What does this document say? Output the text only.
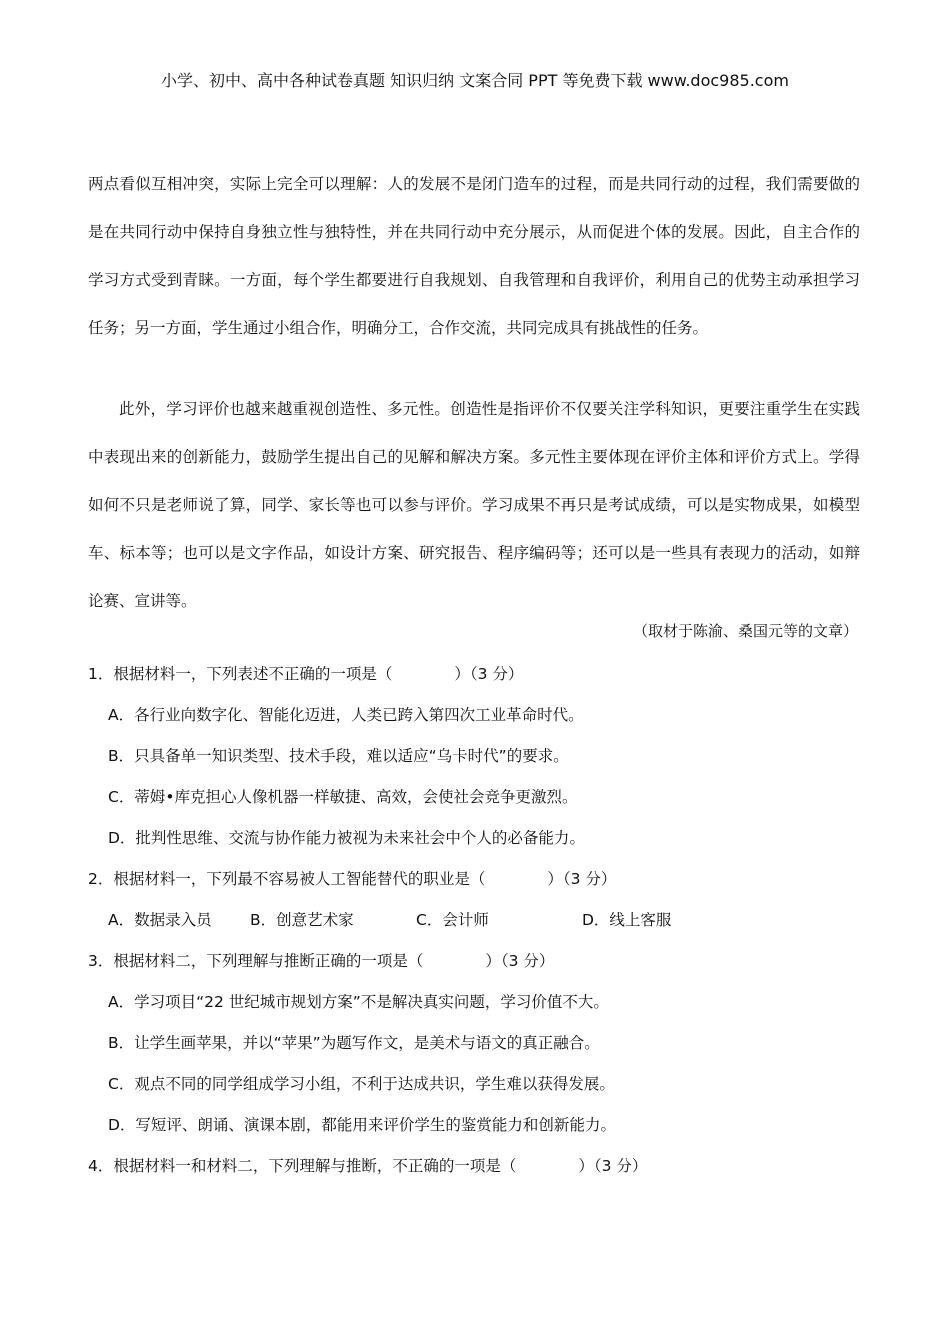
小学、初中、高中各种试卷真题 知识归纳 文案合同 PPT 等免费下载 www.doc985.com

两点看似互相冲突，实际上完全可以理解：人的发展不是闭门造车的过程，而是共同行动的过程，我们需要做的是在共同行动中保持自身独立性与独特性，并在共同行动中充分展示，从而促进个体的发展。因此，自主合作的学习方式受到青睐。一方面，每个学生都要进行自我规划、自我管理和自我评价，利用自己的优势主动承担学习任务；另一方面，学生通过小组合作，明确分工，合作交流，共同完成具有挑战性的任务。

此外，学习评价也越来越重视创造性、多元性。创造性是指评价不仅要关注学科知识，更要注重学生在实践中表现出来的创新能力，鼓励学生提出自己的见解和解决方案。多元性主要体现在评价主体和评价方式上。学得如何不只是老师说了算，同学、家长等也可以参与评价。学习成果不再只是考试成绩，可以是实物成果，如模型车、标本等；也可以是文字作品，如设计方案、研究报告、程序编码等；还可以是一些具有表现力的活动，如辩论赛、宣讲等。

（取材于陈渝、桑国元等的文章）
1．根据材料一，下列表述不正确的一项是（	）（3 分）
A．各行业向数字化、智能化迈进，人类已跨入第四次工业革命时代。
B．只具备单一知识类型、技术手段，难以适应“乌卡时代”的要求。
C．蒂姆•库克担心人像机器一样敏捷、高效，会使社会竞争更激烈。
D．批判性思维、交流与协作能力被视为未来社会中个人的必备能力。
2．根据材料一，下列最不容易被人工智能替代的职业是（	）（3 分）
A．数据录入员 B．创意艺术家	C．会计师	D．线上客服
3．根据材料二，下列理解与推断正确的一项是（	）（3 分）
A．学习项目“22 世纪城市规划方案”不是解决真实问题，学习价值不大。
B．让学生画苹果，并以“苹果”为题写作文，是美术与语文的真正融合。
C．观点不同的同学组成学习小组，不利于达成共识，学生难以获得发展。
D．写短评、朗诵、演课本剧，都能用来评价学生的鉴赏能力和创新能力。
4．根据材料一和材料二，下列理解与推断，不正确的一项是（	）（3 分）
